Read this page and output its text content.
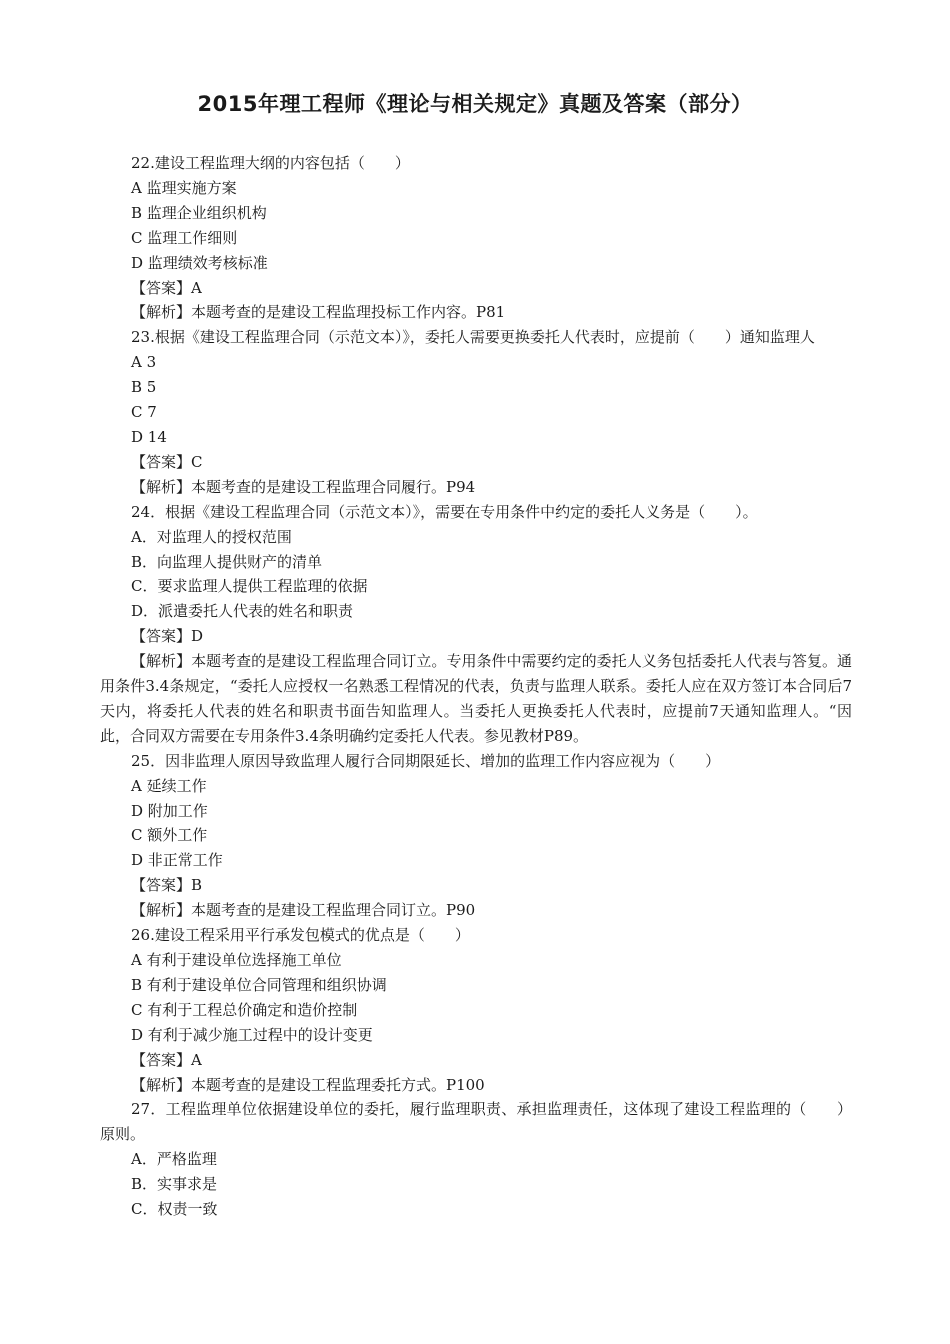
2015年理工程师《理论与相关规定》真题及答案（部分）

22.建设工程监理大纲的内容包括（　　）

A 监理实施方案

B 监理企业组织机构

C 监理工作细则

D 监理绩效考核标准

【答案】A

【解析】本题考查的是建设工程监理投标工作内容。P81

23.根据《建设工程监理合同（示范文本）》，委托人需要更换委托人代表时，应提前（　　）通知监理人

A 3

B 5

C 7

D 14

【答案】C

【解析】本题考查的是建设工程监理合同履行。P94

24．根据《建设工程监理合同（示范文本）》，需要在专用条件中约定的委托人义务是（　　）。

A．对监理人的授权范围

B．向监理人提供财产的清单

C．要求监理人提供工程监理的依据

D．派遣委托人代表的姓名和职责

【答案】D

【解析】本题考查的是建设工程监理合同订立。专用条件中需要约定的委托人义务包括委托人代表与答复。通用条件3.4条规定，“委托人应授权一名熟悉工程情况的代表，负责与监理人联系。委托人应在双方签订本合同后7天内，将委托人代表的姓名和职责书面告知监理人。当委托人更换委托人代表时，应提前7天通知监理人。“因此，合同双方需要在专用条件3.4条明确约定委托人代表。参见教材P89。

25．因非监理人原因导致监理人履行合同期限延长、增加的监理工作内容应视为（　　）

A 延续工作

D 附加工作

C 额外工作

D 非正常工作

【答案】B

【解析】本题考查的是建设工程监理合同订立。P90

26.建设工程采用平行承发包模式的优点是（　　）

A 有利于建设单位选择施工单位

B 有利于建设单位合同管理和组织协调

C 有利于工程总价确定和造价控制

D 有利于减少施工过程中的设计变更

【答案】A

【解析】本题考查的是建设工程监理委托方式。P100

27．工程监理单位依据建设单位的委托，履行监理职责、承担监理责任，这体现了建设工程监理的（　　）原则。

A．严格监理

B．实事求是

C．权责一致
